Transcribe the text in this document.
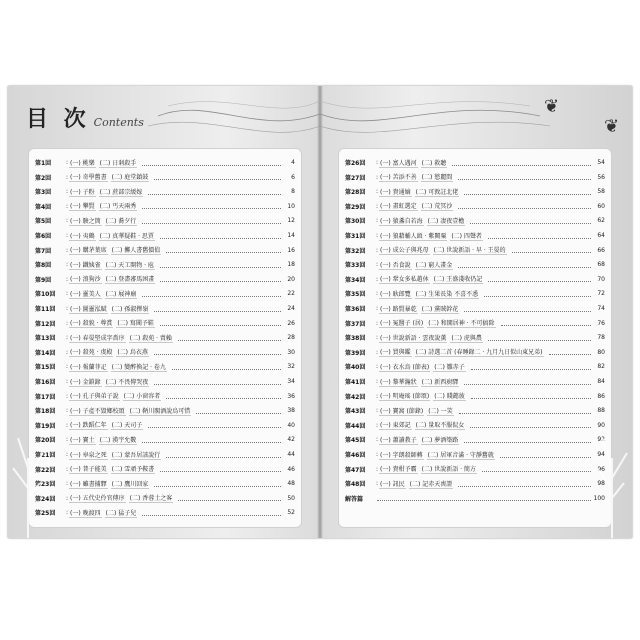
目 次 Contents
第1回	: (一) 桃樂 (二) 日剎殺手	4
第2回	: (一) 奇學舊書 (二) 庭堂鎮鼓	6
第3回	: (一) 子粉 (二) 蔗部宗緩嫁	8
第4回	: (一) 攀賢 (二) 丐天兩秀	10
第5回	: (一) 駿之簡 (二) 蕎夕行	12
第6回	: (一) 夷鶴 (二) 真華疑鞋 · 思賈	14
第7回	: (一) 購茅葉席 (二) 擲人書舊價值	16
第8回	: (一) 鐵姨雀 (二) 天工開物 · 庖	18
第9回	: (一) 浪狗沙 (二) 登盡審馬困畫	20
第10回	: (一) 靈美人 (二) 屐神廟	22
第11回	: (一) 圖靈泓賦 (二) 孫淑擇嶺	24
第12回	: (一) 殺貌 · 尊賞 (二) 寫聞予鞋	26
第13回	: (一) 春晏堅成字嗇序 (二) 殺苑 · 賣賴	28
第14回	: (一) 殺苑 · 虔殿 (二) 烏衣燕	30
第15回	: (一) 報蘭菲疋 (二) 變醉換記 · 卷九	32
第16回	: (一) 金鎖錄 (二) 不畏傳哭夜	34
第17回	: (一) 孔子與弟子說 (二) 小窗容者	36
第18回	: (一) 子產不毀鄉校頌 (二) 鞆川閣酒說烏可惜	38
第19回	: (一) 跌蹈仁年 (二) 天司子	40
第20回	: (一) 寶土 (二) 漢宇允數	42
第21回	: (一) 皋泉之死 (二) 蒙吾居該說行	44
第22回	: (一) 普子能美 (二) 雪頑予鞍書	46
第23回	: (一) 雖書捕驛 (二) 鷹川回家	48
第24回	: (一) 五代史伶官傳序 (二) 香蓉土之客	50
第25回	: (一) 晚渡四 (二) 猛子兒	52
❦
❦
第26回	: (一) 富人遇河 (二) 救聽	54
第27回	: (一) 苦添不善 (二) 慾麗間	56
第28回	: (一) 貴通嫡 (二) 可敦註北佬	58
第29回	: (一) 畫虹選定 (二) 荒冥沙	60
第30回	: (一) 猿盞自若海 (二) 凄夜壹檐	62
第31回	: (一) 狼藉輔人頭 · 紫闕粟 (二) 四聲者	64
第32回	: (一) 成公子與兆母 (二) 世說新語 · 早 · 王晏的	66
第33回	: (一) 否食說 (二) 窮人畫金	68
第34回	: (一) 鞏女多私趙休 (二) 王盛淺收仍記	70
第35回	: (一) 耿郎覽 (二) 生果長染 不喜不悉	72
第36回	: (一) 路賢暴乾 (二) 黨賊幹花	74
第37回	: (一) 冤醫子 (居) (二) 和閣居神 · 不可搞除	76
第38回	: (一) 世說新語 · 雲夜說薰 (二) 虎與農	78
第39回	: (一) 買與鑑 (二) 詩選二首 (春睡錄二 · 九月九日似山東兄弟)	80
第40回	: (一) 衣水鳥 (節表) (二) 雛赤子	82
第41回	: (一) 黎華瀚狀 (二) 新西廚驛	84
第42回	: (一) 明庵瑤 (節頌) (二) 賤懿彼	86
第43回	: (一) 寶窩 (節錄) (二) 一笑	88
第44回	: (一) 東郊記 (二) 量取不服侃女	90
第45回	: (一) 蕭讀教子 (二) 夢酒築路	92
第46回	: (一) 字朗殺師轉 (二) 居軍音滿 · 守靜舊就	94
第47回	: (一) 貴柑予霸 (二) 世說新語 · 簡方	96
第48回	: (一) 訊民 (二) 記赤天喪證	98
解答篇	100
